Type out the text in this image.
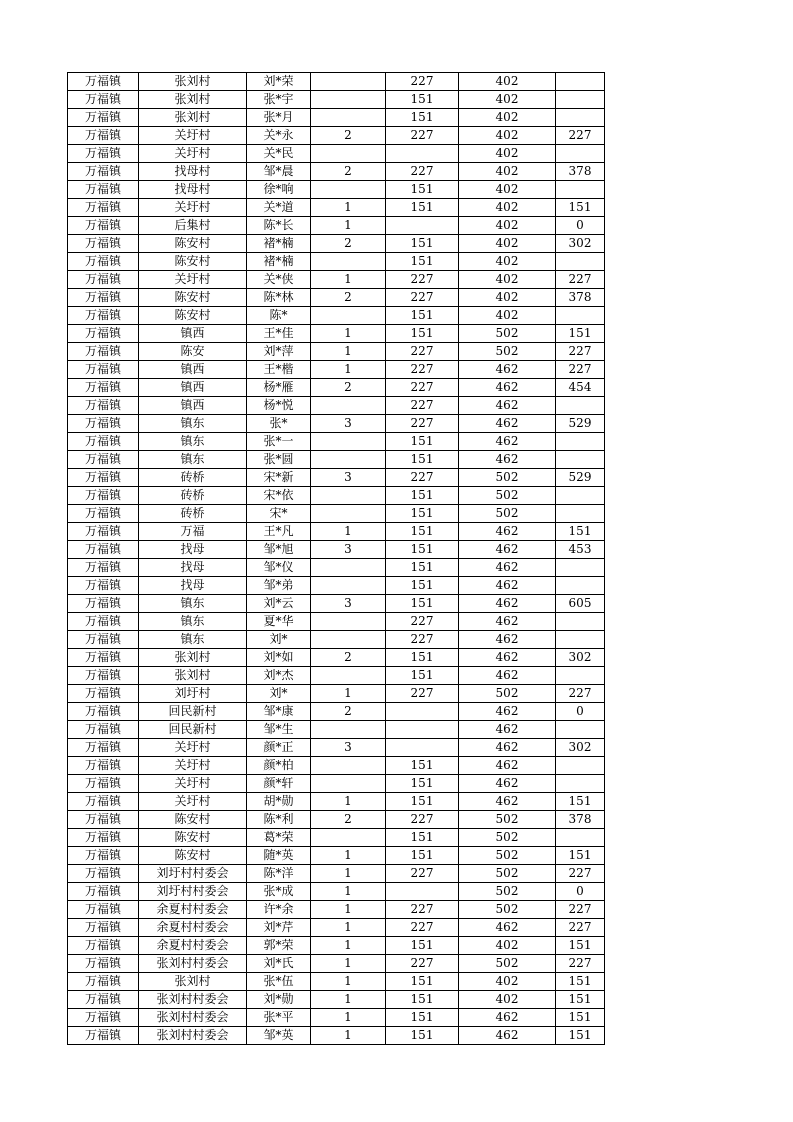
万福镇	张刘村	刘*荣		227	402	
万福镇	张刘村	张*宇		151	402	
万福镇	张刘村	张*月		151	402	
万福镇	关圩村	关*永	2	227	402	227
万福镇	关圩村	关*民			402	
万福镇	找母村	邹*晨	2	227	402	378
万福镇	找母村	徐*响		151	402	
万福镇	关圩村	关*道	1	151	402	151
万福镇	后集村	陈*长	1		402	0
万福镇	陈安村	褚*楠	2	151	402	302
万福镇	陈安村	褚*楠		151	402	
万福镇	关圩村	关*侠	1	227	402	227
万福镇	陈安村	陈*林	2	227	402	378
万福镇	陈安村	陈*		151	402	
万福镇	镇西	王*佳	1	151	502	151
万福镇	陈安	刘*萍	1	227	502	227
万福镇	镇西	王*楷	1	227	462	227
万福镇	镇西	杨*雁	2	227	462	454
万福镇	镇西	杨*悦		227	462	
万福镇	镇东	张*	3	227	462	529
万福镇	镇东	张*一		151	462	
万福镇	镇东	张*圆		151	462	
万福镇	砖桥	宋*新	3	227	502	529
万福镇	砖桥	宋*依		151	502	
万福镇	砖桥	宋*		151	502	
万福镇	万福	王*凡	1	151	462	151
万福镇	找母	邹*旭	3	151	462	453
万福镇	找母	邹*仪		151	462	
万福镇	找母	邹*弟		151	462	
万福镇	镇东	刘*云	3	151	462	605
万福镇	镇东	夏*华		227	462	
万福镇	镇东	刘*		227	462	
万福镇	张刘村	刘*如	2	151	462	302
万福镇	张刘村	刘*杰		151	462	
万福镇	刘圩村	刘*	1	227	502	227
万福镇	回民新村	邹*康	2		462	0
万福镇	回民新村	邹*生			462	
万福镇	关圩村	颜*正	3		462	302
万福镇	关圩村	颜*柏		151	462	
万福镇	关圩村	颜*轩		151	462	
万福镇	关圩村	胡*勋	1	151	462	151
万福镇	陈安村	陈*利	2	227	502	378
万福镇	陈安村	葛*荣		151	502	
万福镇	陈安村	随*英	1	151	502	151
万福镇	刘圩村村委会	陈*洋	1	227	502	227
万福镇	刘圩村村委会	张*成	1		502	0
万福镇	余夏村村委会	许*余	1	227	502	227
万福镇	余夏村村委会	刘*芹	1	227	462	227
万福镇	余夏村村委会	郭*荣	1	151	402	151
万福镇	张刘村村委会	刘*氏	1	227	502	227
万福镇	张刘村	张*伍	1	151	402	151
万福镇	张刘村村委会	刘*勋	1	151	402	151
万福镇	张刘村村委会	张*平	1	151	462	151
万福镇	张刘村村委会	邹*英	1	151	462	151
